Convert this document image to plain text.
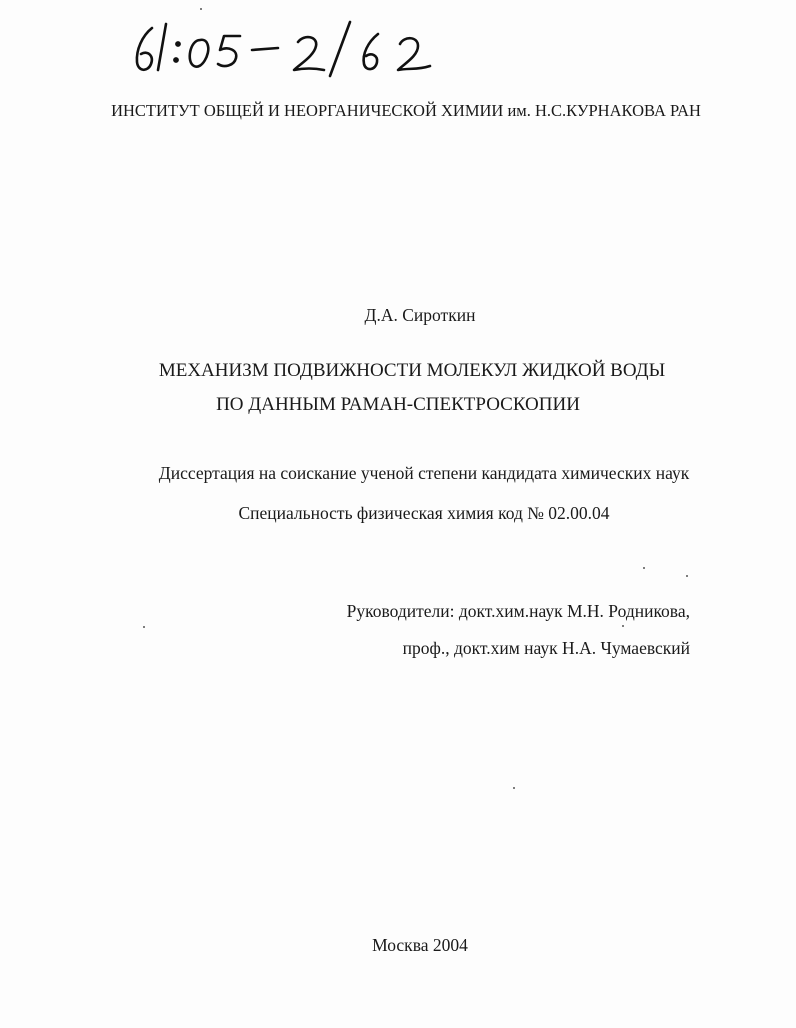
ИНСТИТУТ ОБЩЕЙ И НЕОРГАНИЧЕСКОЙ ХИМИИ им. Н.С.КУРНАКОВА РАН
Д.А. Сироткин
МЕХАНИЗМ ПОДВИЖНОСТИ МОЛЕКУЛ ЖИДКОЙ ВОДЫ
ПО ДАННЫМ РАМАН-СПЕКТРОСКОПИИ
Диссертация на соискание ученой степени кандидата химических наук
Специальность физическая химия код № 02.00.04
Руководители: докт.хим.наук М.Н. Родникова,
проф., докт.хим наук Н.А. Чумаевский
Москва 2004
